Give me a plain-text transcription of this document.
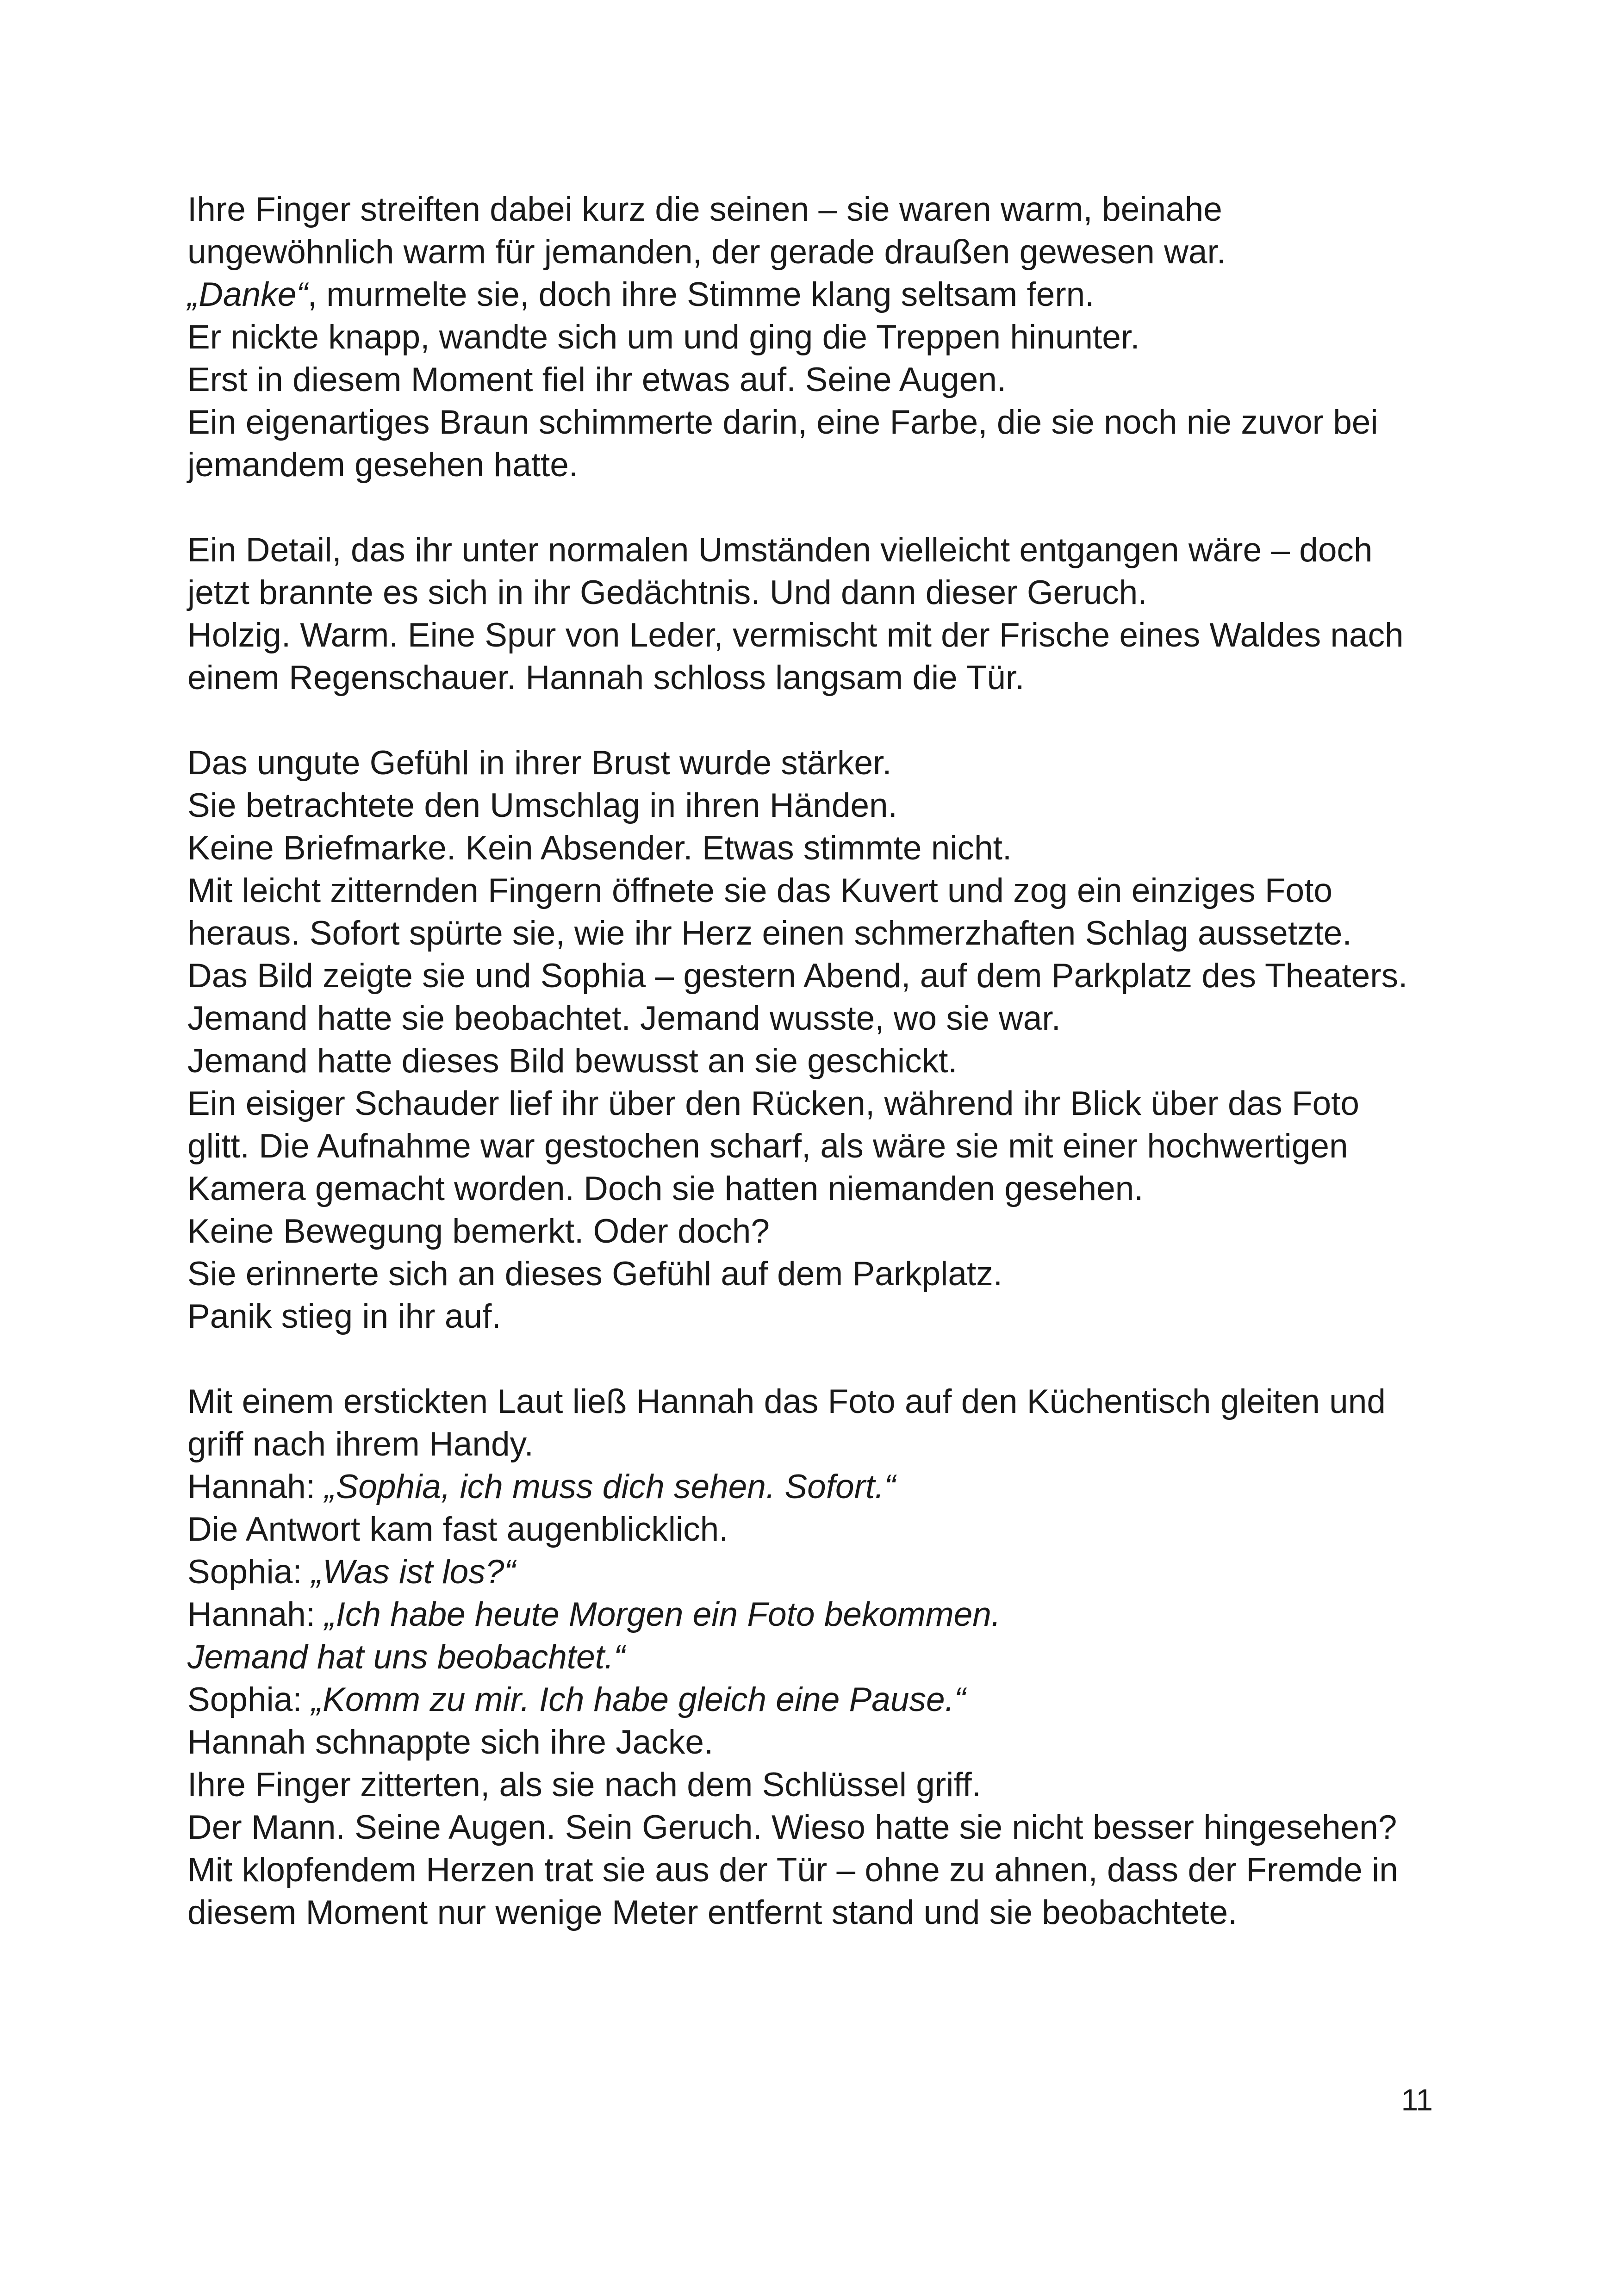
Ihre Finger streiften dabei kurz die seinen – sie waren warm, beinahe
ungewöhnlich warm für jemanden, der gerade draußen gewesen war.
„Danke“, murmelte sie, doch ihre Stimme klang seltsam fern.
Er nickte knapp, wandte sich um und ging die Treppen hinunter.
Erst in diesem Moment fiel ihr etwas auf. Seine Augen.
Ein eigenartiges Braun schimmerte darin, eine Farbe, die sie noch nie zuvor bei
jemandem gesehen hatte.
Ein Detail, das ihr unter normalen Umständen vielleicht entgangen wäre – doch
jetzt brannte es sich in ihr Gedächtnis. Und dann dieser Geruch.
Holzig. Warm. Eine Spur von Leder, vermischt mit der Frische eines Waldes nach
einem Regenschauer. Hannah schloss langsam die Tür.
Das ungute Gefühl in ihrer Brust wurde stärker.
Sie betrachtete den Umschlag in ihren Händen.
Keine Briefmarke. Kein Absender. Etwas stimmte nicht.
Mit leicht zitternden Fingern öffnete sie das Kuvert und zog ein einziges Foto
heraus. Sofort spürte sie, wie ihr Herz einen schmerzhaften Schlag aussetzte.
Das Bild zeigte sie und Sophia – gestern Abend, auf dem Parkplatz des Theaters.
Jemand hatte sie beobachtet. Jemand wusste, wo sie war.
Jemand hatte dieses Bild bewusst an sie geschickt.
Ein eisiger Schauder lief ihr über den Rücken, während ihr Blick über das Foto
glitt. Die Aufnahme war gestochen scharf, als wäre sie mit einer hochwertigen
Kamera gemacht worden. Doch sie hatten niemanden gesehen.
Keine Bewegung bemerkt. Oder doch?
Sie erinnerte sich an dieses Gefühl auf dem Parkplatz.
Panik stieg in ihr auf.
Mit einem erstickten Laut ließ Hannah das Foto auf den Küchentisch gleiten und
griff nach ihrem Handy.
Hannah: „Sophia, ich muss dich sehen. Sofort.“
Die Antwort kam fast augenblicklich.
Sophia: „Was ist los?“
Hannah: „Ich habe heute Morgen ein Foto bekommen.
Jemand hat uns beobachtet.“
Sophia: „Komm zu mir. Ich habe gleich eine Pause.“
Hannah schnappte sich ihre Jacke.
Ihre Finger zitterten, als sie nach dem Schlüssel griff.
Der Mann. Seine Augen. Sein Geruch. Wieso hatte sie nicht besser hingesehen?
Mit klopfendem Herzen trat sie aus der Tür – ohne zu ahnen, dass der Fremde in
diesem Moment nur wenige Meter entfernt stand und sie beobachtete.
11
